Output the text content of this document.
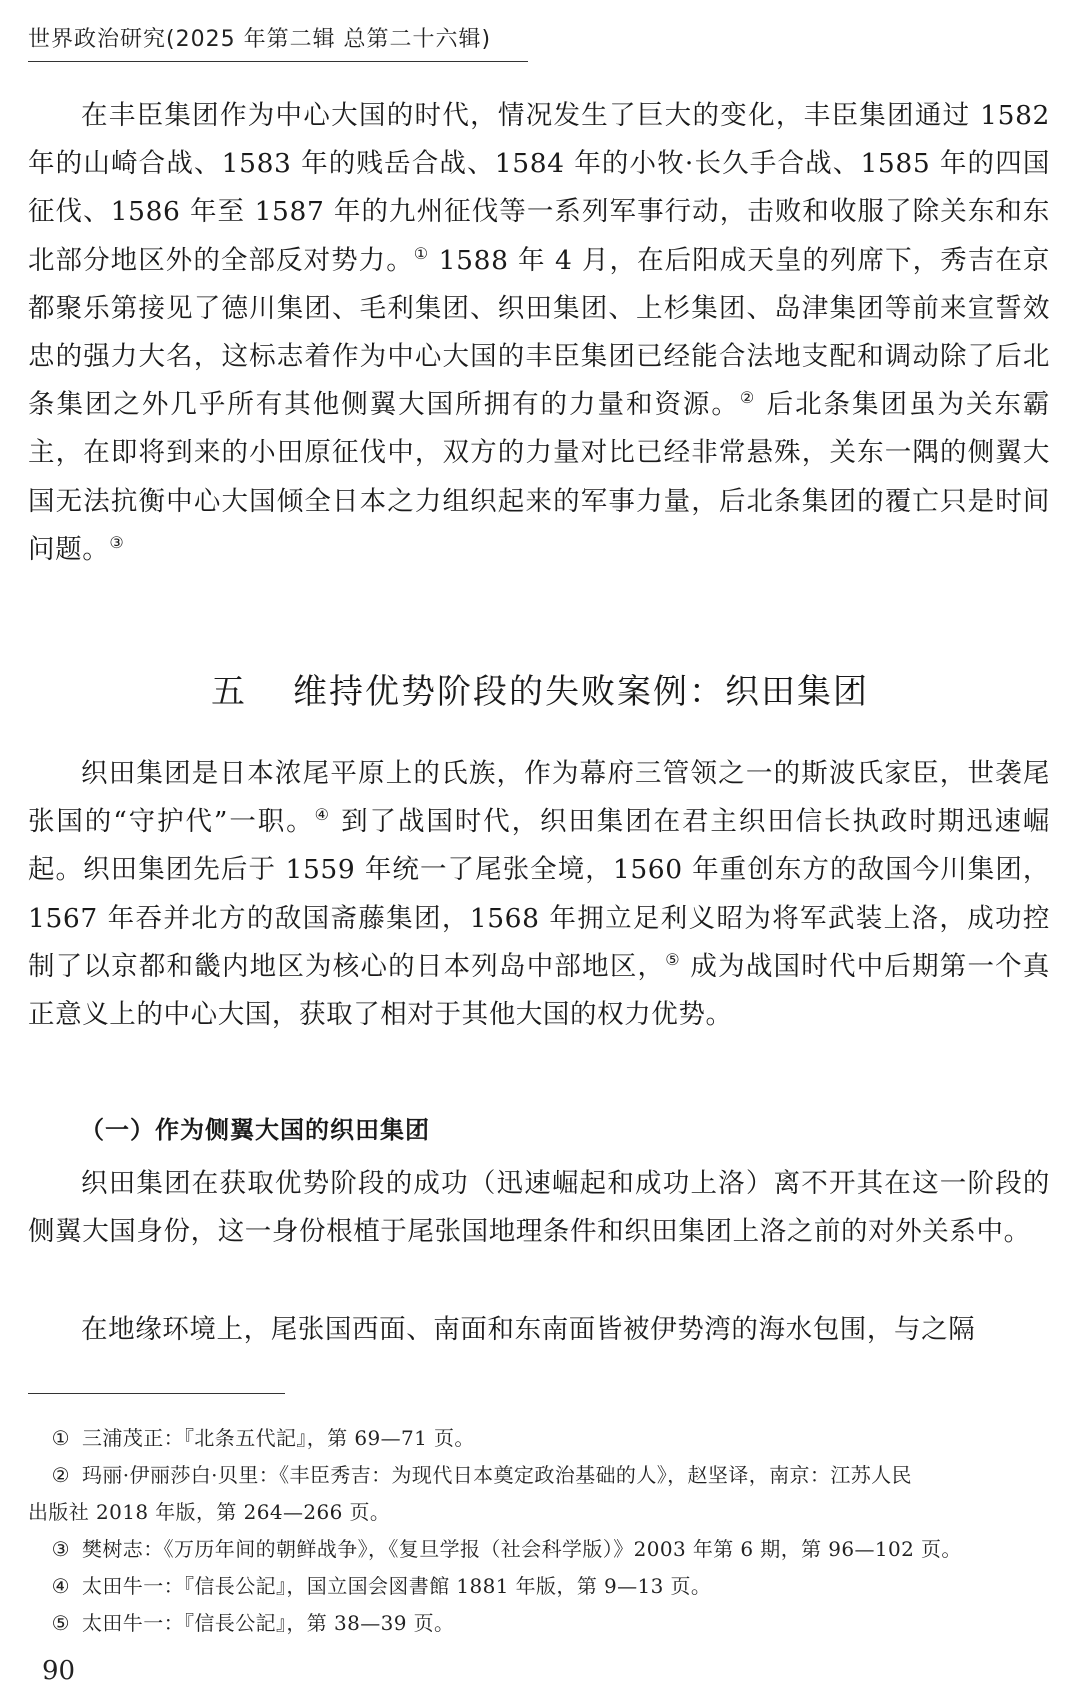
世界政治研究(2025 年第二辑 总第二十六辑)

在丰臣集团作为中心大国的时代，情况发生了巨大的变化，丰臣集团通过 1582 年的山崎合战、1583 年的贱岳合战、1584 年的小牧·长久手合战、1585 年的四国征伐、1586 年至 1587 年的九州征伐等一系列军事行动，击败和收服了除关东和东北部分地区外的全部反对势力。① 1588 年 4 月，在后阳成天皇的列席下，秀吉在京都聚乐第接见了德川集团、毛利集团、织田集团、上杉集团、岛津集团等前来宣誓效忠的强力大名，这标志着作为中心大国的丰臣集团已经能合法地支配和调动除了后北条集团之外几乎所有其他侧翼大国所拥有的力量和资源。② 后北条集团虽为关东霸主，在即将到来的小田原征伐中，双方的力量对比已经非常悬殊，关东一隅的侧翼大国无法抗衡中心大国倾全日本之力组织起来的军事力量，后北条集团的覆亡只是时间问题。③

五 维持优势阶段的失败案例：织田集团

织田集团是日本浓尾平原上的氏族，作为幕府三管领之一的斯波氏家臣，世袭尾张国的“守护代”一职。④ 到了战国时代，织田集团在君主织田信长执政时期迅速崛起。织田集团先后于 1559 年统一了尾张全境，1560 年重创东方的敌国今川集团，1567 年吞并北方的敌国斋藤集团，1568 年拥立足利义昭为将军武装上洛，成功控制了以京都和畿内地区为核心的日本列岛中部地区，⑤ 成为战国时代中后期第一个真正意义上的中心大国，获取了相对于其他大国的权力优势。

（一）作为侧翼大国的织田集团

织田集团在获取优势阶段的成功（迅速崛起和成功上洛）离不开其在这一阶段的侧翼大国身份，这一身份根植于尾张国地理条件和织田集团上洛之前的对外关系中。

在地缘环境上，尾张国西面、南面和东南面皆被伊势湾的海水包围，与之隔

① 三浦茂正：『北条五代記』，第 69—71 页。

② 玛丽·伊丽莎白·贝里：《丰臣秀吉：为现代日本奠定政治基础的人》，赵坚译，南京：江苏人民
出版社 2018 年版，第 264—266 页。

③ 樊树志：《万历年间的朝鲜战争》，《复旦学报（社会科学版）》2003 年第 6 期，第 96—102 页。

④ 太田牛一：『信長公記』，国立国会図書館 1881 年版，第 9—13 页。

⑤ 太田牛一：『信長公記』，第 38—39 页。

90
